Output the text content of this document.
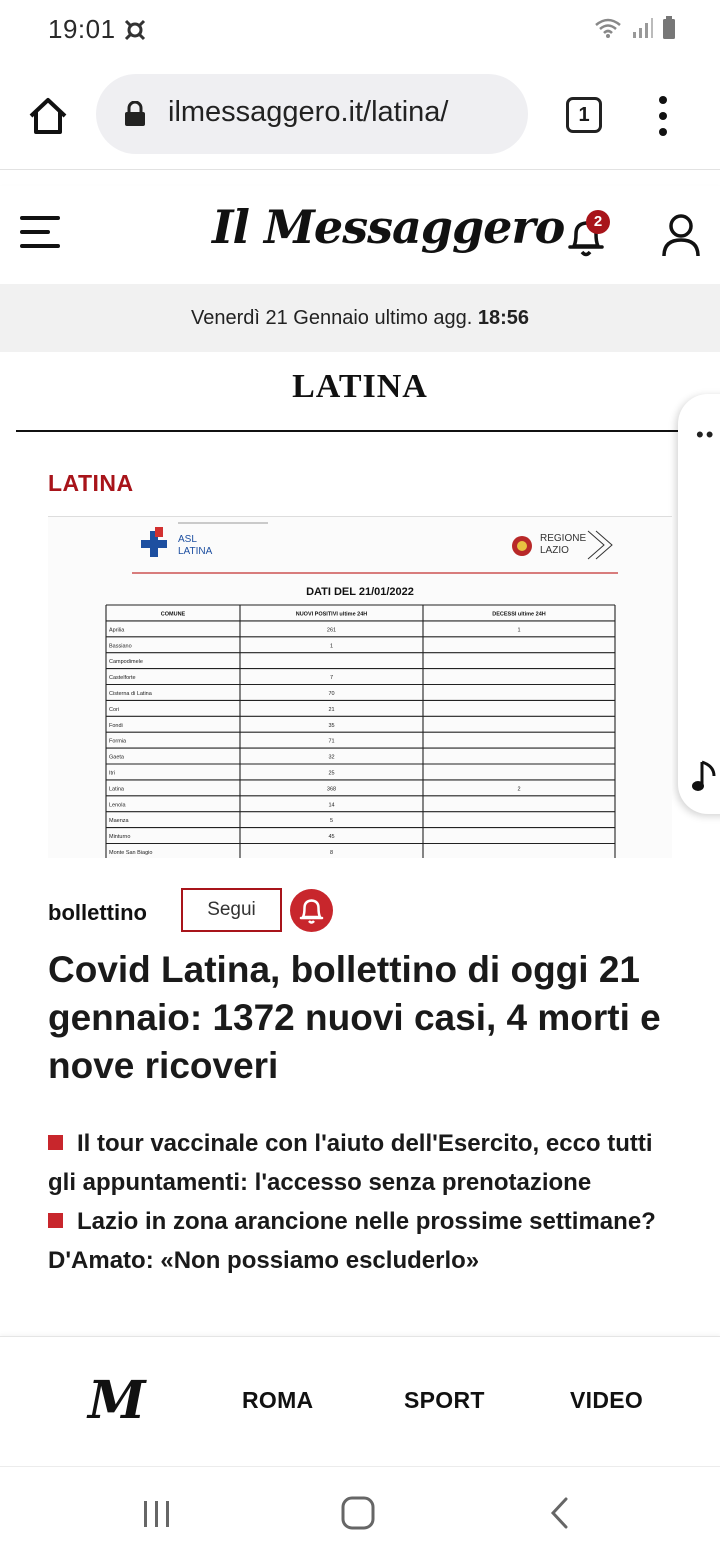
19:01
ilmessaggero.it/latina/	1
Il Messaggero	2
Venerdì 21 Gennaio ultimo agg. 18:56
LATINA
••
LATINA
ASL
LATINA
REGIONE
LAZIO
DATI DEL 21/01/2022
COMUNE	NUOVI POSITIVI ultime 24H	DECESSI ultime 24H
Aprilia	261	1
Bassiano	1
Campodimele
Castelforte	7
Cisterna di Latina	70
Cori	21
Fondi	35
Formia	71
Gaeta	32
Itri	25
Latina	368	2
Lenola	14
Maenza	5
Minturno	45
Monte San Biagio	8
bollettino	Segui
Covid Latina, bollettino di oggi 21 gennaio: 1372 nuovi casi, 4 morti e nove ricoveri

Il tour vaccinale con l'aiuto dell'Esercito, ecco tutti gli appuntamenti: l'accesso senza prenotazione

Lazio in zona arancione nelle prossime settimane? D'Amato: «Non possiamo escluderlo»

M	ROMA	SPORT	VIDEO
